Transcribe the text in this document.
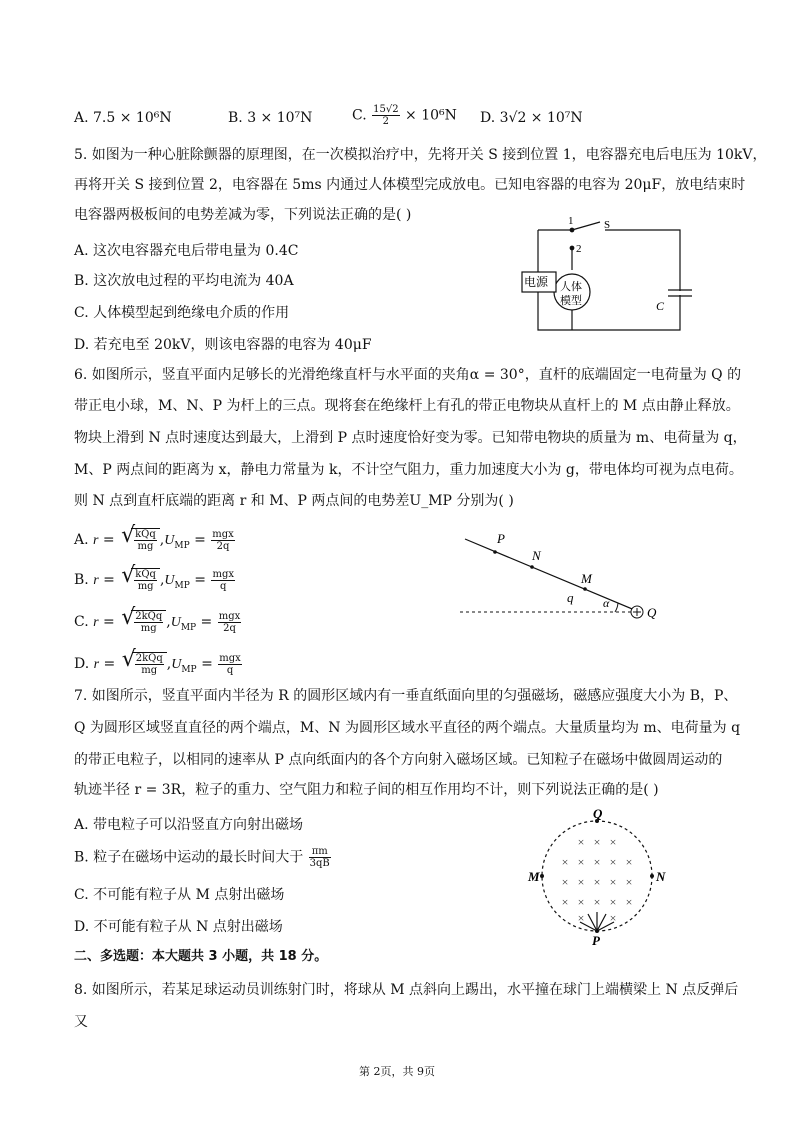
A. 7.5 × 10⁶N	B. 3 × 10⁷N	C. $\frac{15√2}{2} \times 10^6N$ D. 3√2 × 10⁷N
5. 如图为一种心脏除颤器的原理图，在一次模拟治疗中，先将开关 S 接到位置 1，电容器充电后电压为 10kV，
再将开关 S 接到位置 2，电容器在 5ms 内通过人体模型完成放电。已知电容器的电容为 20μF，放电结束时
电容器两极板间的电势差减为零，下列说法正确的是( )
A. 这次电容器充电后带电量为 0.4C
B. 这次放电过程的平均电流为 40A
C. 人体模型起到绝缘电介质的作用
D. 若充电至 20kV，则该电容器的电容为 40μF
1
2
S
电源 人体
模型	C
6. 如图所示，竖直平面内足够长的光滑绝缘直杆与水平面的夹角α = 30°，直杆的底端固定一电荷量为 Q 的
带正电小球，M、N、P 为杆上的三点。现将套在绝缘杆上有孔的带正电物块从直杆上的 M 点由静止释放。
物块上滑到 N 点时速度达到最大，上滑到 P 点时速度恰好变为零。已知带电物块的质量为 m、电荷量为 q，
M、P 两点间的距离为 x，静电力常量为 k，不计空气阻力，重力加速度大小为 g，带电体均可视为点电荷。
则 N 点到直杆底端的距离 r 和 M、P 两点间的电势差U_MP 分别为( )
A. r = √ $\frac{\text{kQq}}{mg} ,U_{MP} = \frac{\text{mgx}}{2q}$
B. r = √ $\frac{\text{kQq}}{mg} ,U_{MP} = \frac{\text{mgx}}{q}$
C. r = √ $\frac{\text{2kQq}}{mg} ,U_{MP} = \frac{\text{mgx}}{2q}$
D. r = √ $\frac{\text{2kQq}}{mg} ,U_{MP} = \frac{\text{mgx}}{q}$
P
N
M
q α
Q
7. 如图所示，竖直平面内半径为 R 的圆形区域内有一垂直纸面向里的匀强磁场，磁感应强度大小为 B，P、
Q 为圆形区域竖直直径的两个端点，M、N 为圆形区域水平直径的两个端点。大量质量均为 m、电荷量为 q
的带正电粒子，以相同的速率从 P 点向纸面内的各个方向射入磁场区域。已知粒子在磁场中做圆周运动的
轨迹半径 r = 3R，粒子的重力、空气阻力和粒子间的相互作用均不计，则下列说法正确的是( )
A. 带电粒子可以沿竖直方向射出磁场
B. 粒子在磁场中运动的最长时间大于 $\frac{\pi m}{3qB}$
C. 不可能有粒子从 M 点射出磁场
D. 不可能有粒子从 N 点射出磁场
× × ×
× × × × ×
× × × × ×
× × × × ×
× ×
Q
M	N
P
二、多选题：本大题共 3 小题，共 18 分。
8. 如图所示，若某足球运动员训练射门时，将球从 M 点斜向上踢出，水平撞在球门上端横梁上 N 点反弹后
又
第 2页，共 9页
